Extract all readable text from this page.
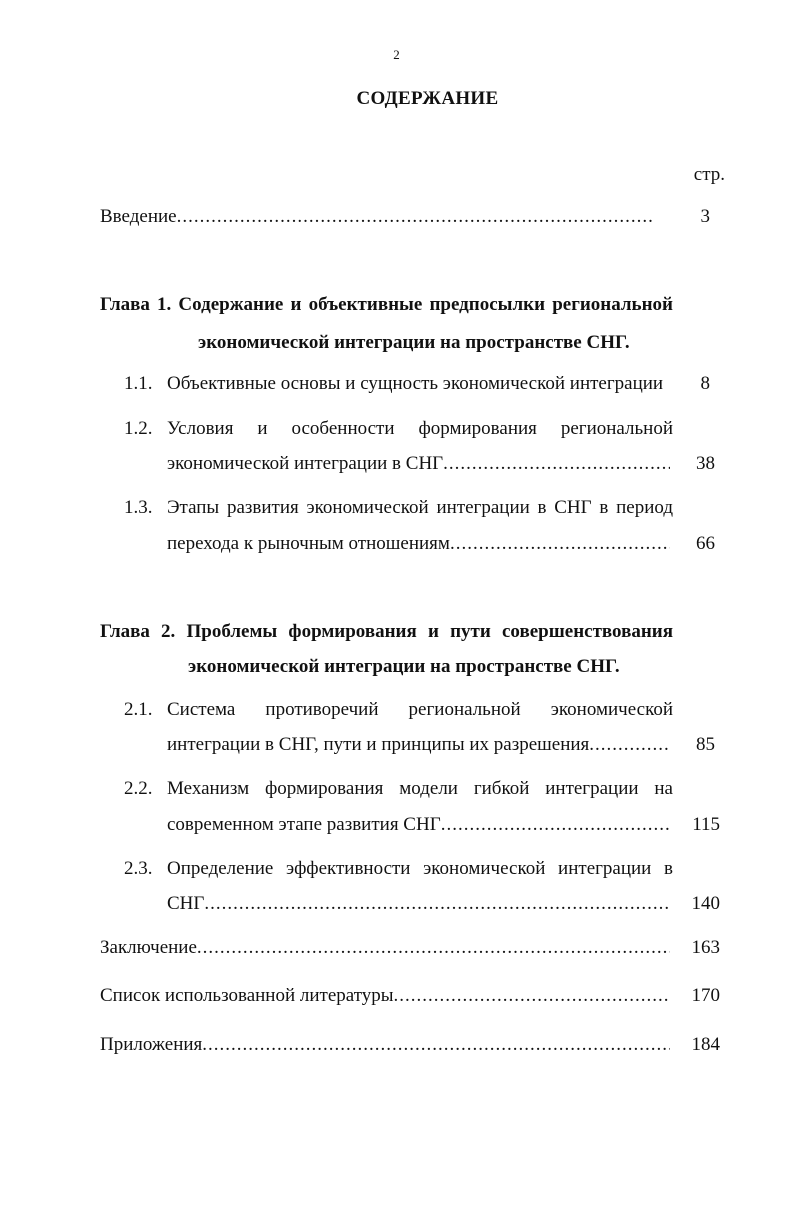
2
СОДЕРЖАНИЕ
стр.
Введение .....	3
Глава 1. Содержание и объективные предпосылки региональной
экономической интеграции на пространстве СНГ.
1.1. Объективные основы и сущность экономической интеграции	8
1.2. Условия и особенности формирования региональной
экономической интеграции в СНГ .....	38
1.3. Этапы развития экономической интеграции в СНГ в период
перехода к рыночным отношениям .....	66
Глава 2. Проблемы формирования и пути совершенствования
экономической интеграции на пространстве СНГ.
2.1. Система противоречий региональной экономической
интеграции в СНГ, пути и принципы их разрешения .....	85
2.2. Механизм формирования модели гибкой интеграции на
современном этапе развития СНГ .....	115
2.3. Определение эффективности экономической интеграции в
СНГ .....	140
Заключение .....	163
Список использованной литературы .....	170
Приложения .....	184
